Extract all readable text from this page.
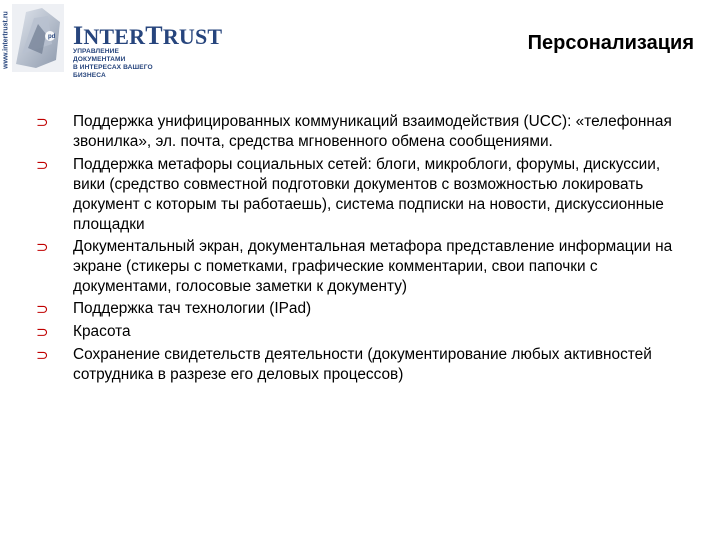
www.intertrust.ru	pd INTERTRUST
УПРАВЛЕНИЕ ДОКУМЕНТАМИ
В ИНТЕРЕСАХ ВАШЕГО БИЗНЕСА
Персонализация
⊃ Поддержка унифицированных коммуникаций взаимодействия (UCC): «телефонная звонилка», эл. почта, средства мгновенного обмена сообщениями.
⊃ Поддержка метафоры социальных сетей: блоги, микроблоги, форумы, дискуссии, вики (средство совместной подготовки документов с возможностью локировать документ с которым ты работаешь), система подписки на новости, дискуссионные площадки
⊃ Документальный экран, документальная метафора представление информации на экране (стикеры с пометками, графические комментарии, свои папочки с документами, голосовые заметки к документу)
⊃ Поддержка тач технологии (IPad)
⊃ Красота
⊃ Сохранение свидетельств деятельности (документирование любых активностей сотрудника в разрезе его деловых процессов)
